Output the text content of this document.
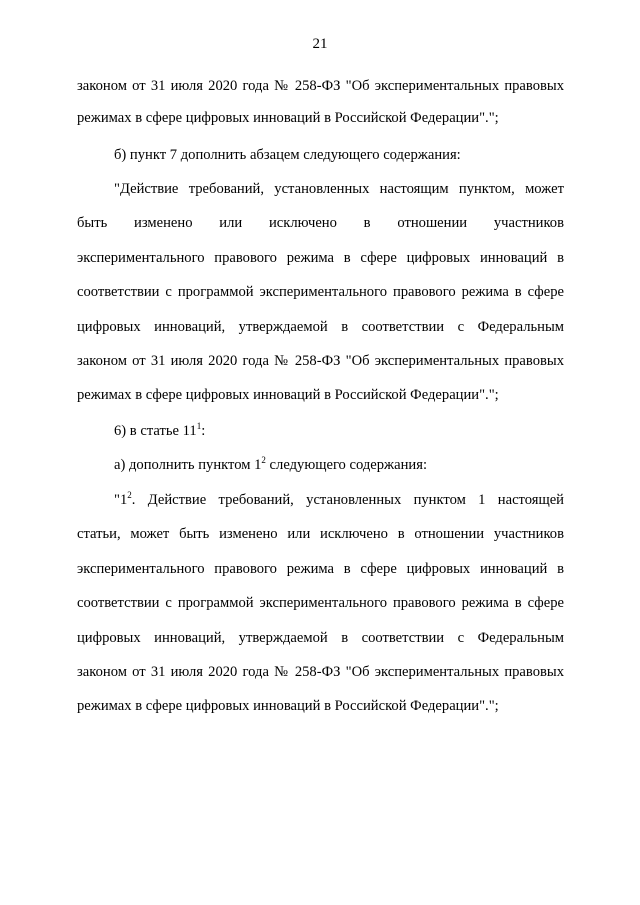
21
законом от 31 июля 2020 года № 258-ФЗ "Об экспериментальных правовых
режимах в сфере цифровых инноваций в Российской Федерации".";
б) пункт 7 дополнить абзацем следующего содержания:
"Действие требований, установленных настоящим пунктом, может
быть изменено или исключено в отношении участников
экспериментального правового режима в сфере цифровых инноваций в
соответствии с программой экспериментального правового режима в сфере
цифровых инноваций, утверждаемой в соответствии с Федеральным
законом от 31 июля 2020 года № 258-ФЗ "Об экспериментальных правовых
режимах в сфере цифровых инноваций в Российской Федерации".";
6) в статье $11^1$:
а) дополнить пунктом $1^2$ следующего содержания:
"$1^2$. Действие требований, установленных пунктом 1 настоящей
статьи, может быть изменено или исключено в отношении участников
экспериментального правового режима в сфере цифровых инноваций в
соответствии с программой экспериментального правового режима в сфере
цифровых инноваций, утверждаемой в соответствии с Федеральным
законом от 31 июля 2020 года № 258-ФЗ "Об экспериментальных правовых
режимах в сфере цифровых инноваций в Российской Федерации".";
